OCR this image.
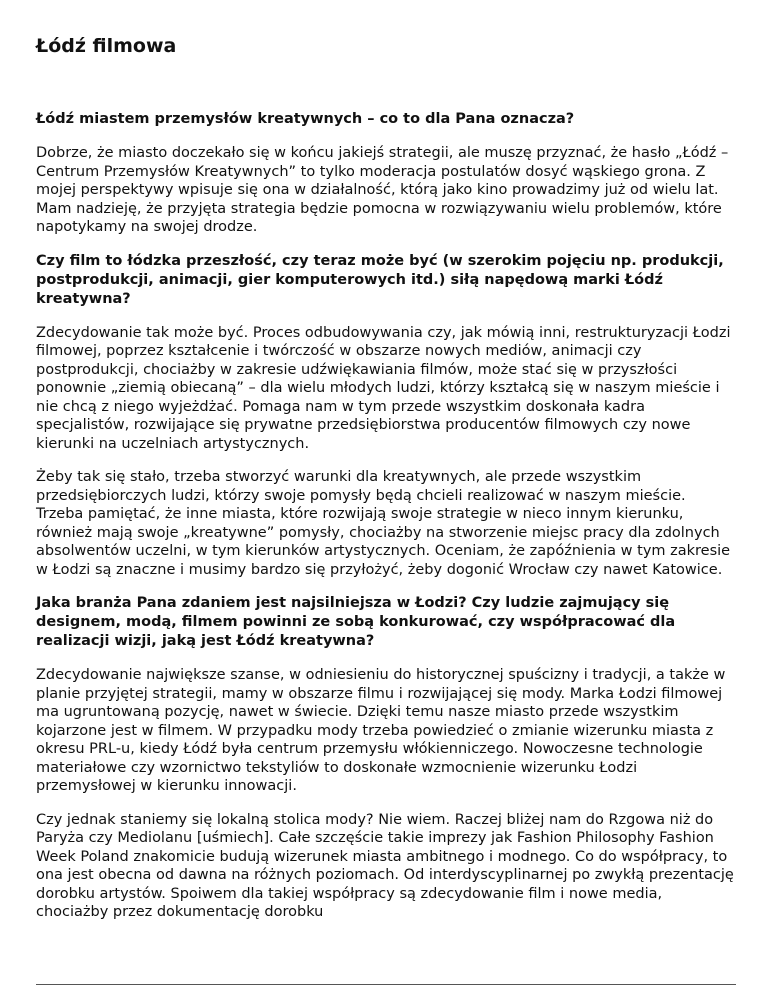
Łódź filmowa

Łódź miastem przemysłów kreatywnych – co to dla Pana oznacza?

Dobrze, że miasto doczekało się w końcu jakiejś strategii, ale muszę przyznać, że hasło „Łódź – Centrum Przemysłów Kreatywnych” to tylko moderacja postulatów dosyć wąskiego grona. Z mojej perspektywy wpisuje się ona w działalność, którą jako kino prowadzimy już od wielu lat. Mam nadzieję, że przyjęta strategia będzie pomocna w rozwiązywaniu wielu problemów, które napotykamy na swojej drodze.

Czy film to łódzka przeszłość, czy teraz może być (w szerokim pojęciu np. produkcji, postprodukcji, animacji, gier komputerowych itd.) siłą napędową marki Łódź kreatywna?

Zdecydowanie tak może być. Proces odbudowywania czy, jak mówią inni, restrukturyzacji Łodzi filmowej, poprzez kształcenie i twórczość w obszarze nowych mediów, animacji czy postprodukcji, chociażby w zakresie udźwiękawiania filmów, może stać się w przyszłości ponownie „ziemią obiecaną” – dla wielu młodych ludzi, którzy kształcą się w naszym mieście i nie chcą z niego wyjeżdżać. Pomaga nam w tym przede wszystkim doskonała kadra specjalistów, rozwijające się prywatne przedsiębiorstwa producentów filmowych czy nowe kierunki na uczelniach artystycznych.

Żeby tak się stało, trzeba stworzyć warunki dla kreatywnych, ale przede wszystkim przedsiębiorczych ludzi, którzy swoje pomysły będą chcieli realizować w naszym mieście. Trzeba pamiętać, że inne miasta, które rozwijają swoje strategie w nieco innym kierunku, również mają swoje „kreatywne” pomysły, chociażby na stworzenie miejsc pracy dla zdolnych absolwentów uczelni, w tym kierunków artystycznych. Oceniam, że zapóźnienia w tym zakresie w Łodzi są znaczne i musimy bardzo się przyłożyć, żeby dogonić Wrocław czy nawet Katowice.

Jaka branża Pana zdaniem jest najsilniejsza w Łodzi? Czy ludzie zajmujący się designem, modą, filmem powinni ze sobą konkurować, czy współpracować dla realizacji wizji, jaką jest Łódź kreatywna?

Zdecydowanie największe szanse, w odniesieniu do historycznej spuścizny i tradycji, a także w planie przyjętej strategii, mamy w obszarze filmu i rozwijającej się mody. Marka Łodzi filmowej ma ugruntowaną pozycję, nawet w świecie. Dzięki temu nasze miasto przede wszystkim kojarzone jest w filmem. W przypadku mody trzeba powiedzieć o zmianie wizerunku miasta z okresu PRL-u, kiedy Łódź była centrum przemysłu włókienniczego. Nowoczesne technologie materiałowe czy wzornictwo tekstyliów to doskonałe wzmocnienie wizerunku Łodzi przemysłowej w kierunku innowacji.

Czy jednak staniemy się lokalną stolica mody? Nie wiem. Raczej bliżej nam do Rzgowa niż do Paryża czy Mediolanu [uśmiech]. Całe szczęście takie imprezy jak Fashion Philosophy Fashion Week Poland znakomicie budują wizerunek miasta ambitnego i modnego. Co do współpracy, to ona jest obecna od dawna na różnych poziomach. Od interdyscyplinarnej po zwykłą prezentację dorobku artystów. Spoiwem dla takiej współpracy są zdecydowanie film i nowe media, chociażby przez dokumentację dorobku
